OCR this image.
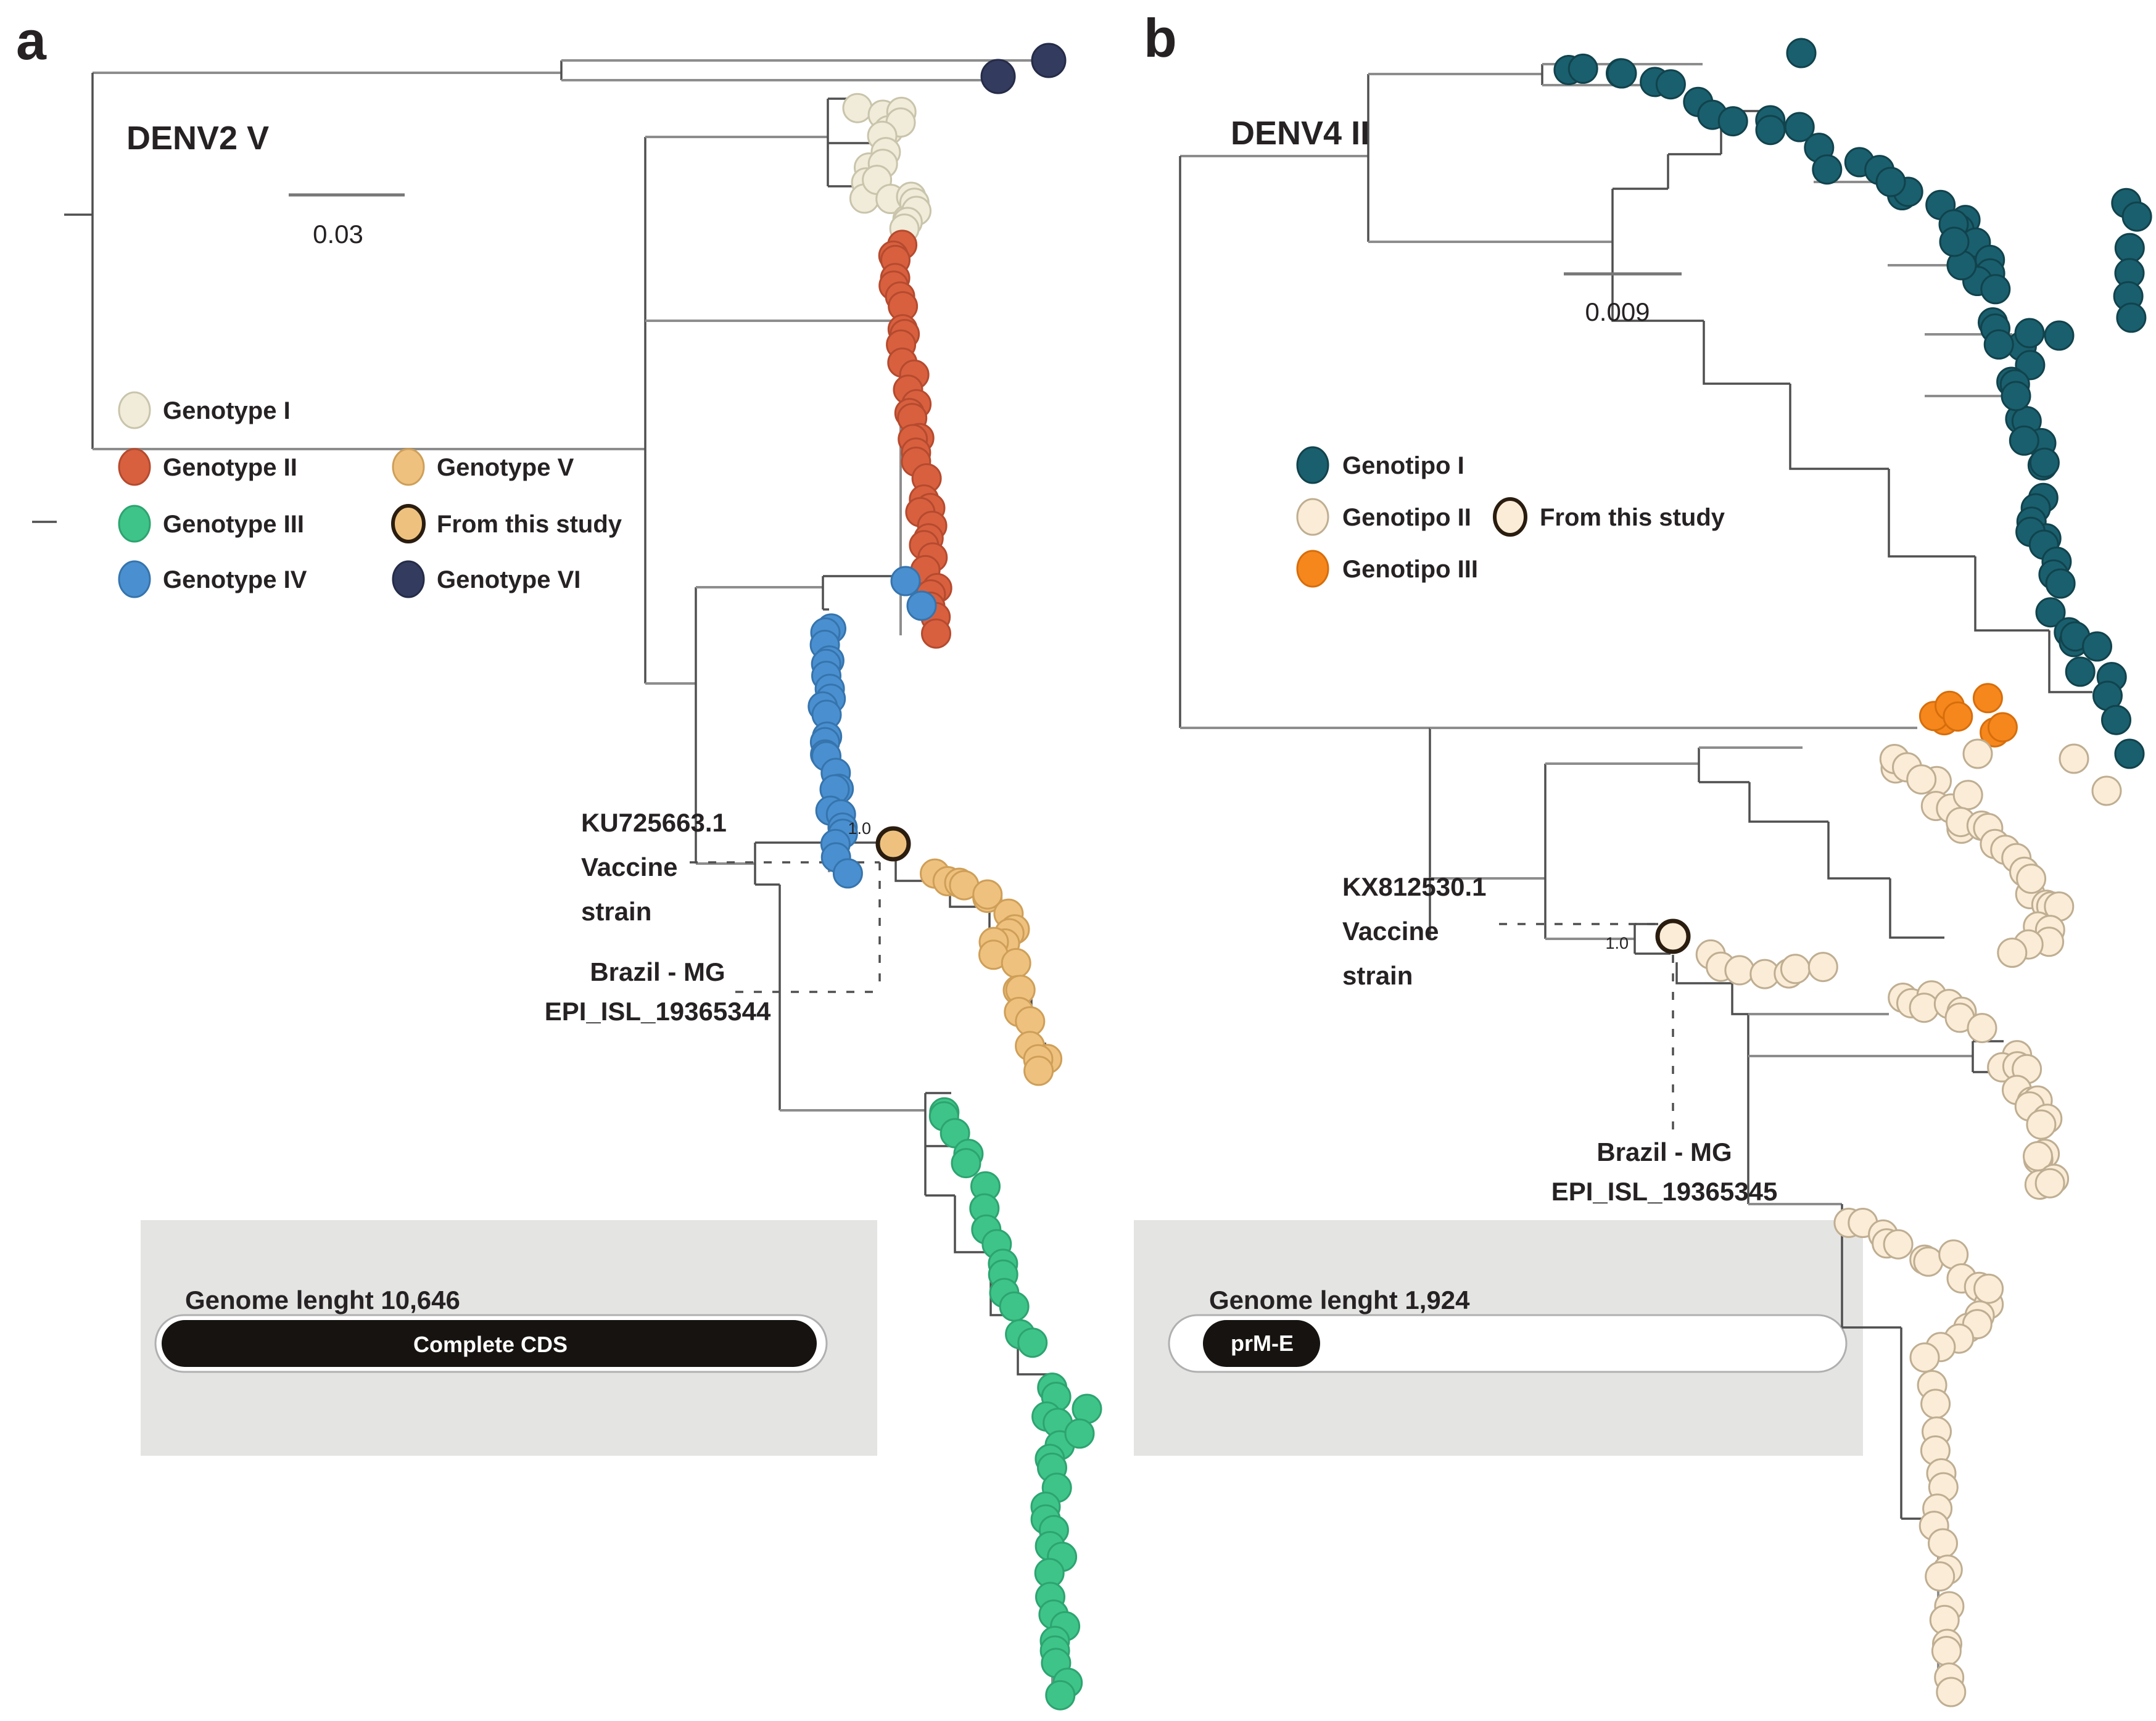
Genome lenght 10,646
Complete CDS
1.0
a
DENV2 V
0.03
Genotype I
Genotype II
Genotype III
Genotype IV
Genotype V
From this study
Genotype VI
KU725663.1
Vaccine
strain
Brazil - MG
EPI_ISL_19365344
Genome lenght 1,924
prM-E
1.0
b
DENV4 II
0.009
Genotipo I
Genotipo II
Genotipo III
From this study
KX812530.1
Vaccine
strain
Brazil - MG
EPI_ISL_19365345
